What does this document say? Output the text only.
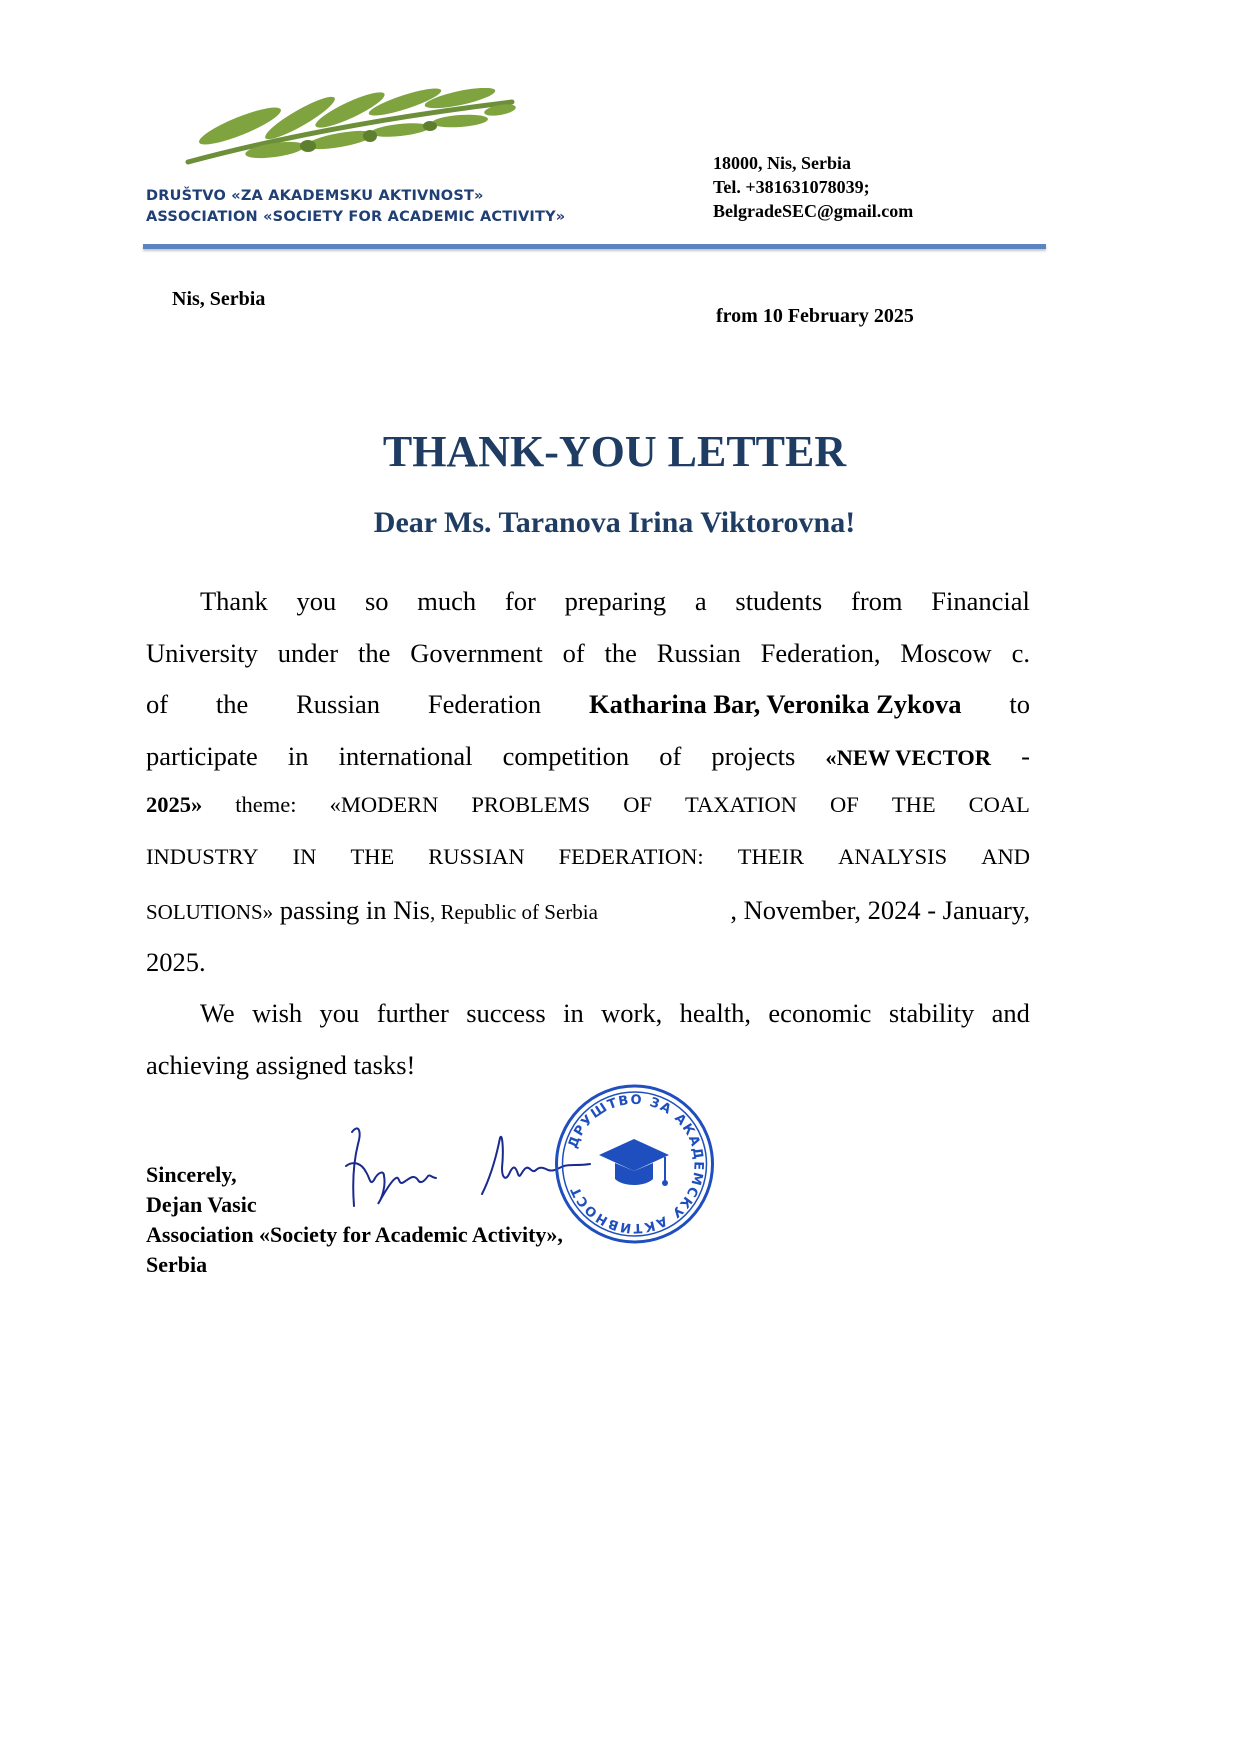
DRUŠTVO «ZA AKADEMSKU AKTIVNOST»
ASSOCIATION «SOCIETY FOR ACADEMIC ACTIVITY»
18000, Nis, Serbia
Tel. +381631078039;
BelgradeSEC@gmail.com
Nis, Serbia
from 10 February 2025
THANK-YOU LETTER
Dear Ms. Taranova Irina Viktorovna!
Thank you so much for preparing a students from Financial
University under the Government of the Russian Federation, Moscow c.
of the Russian Federation Katharina Bar, Veronika Zykova to
participate in international competition of projects «NEW VECTOR -
2025» theme: «MODERN PROBLEMS OF TAXATION OF THE COAL
INDUSTRY IN THE RUSSIAN FEDERATION: THEIR ANALYSIS AND
SOLUTIONS»
passing in Nis , Republic of Serbia	, November, 2024 - January,
2025.
We wish you further success in work, health, economic stability and
achieving assigned tasks!
Sincerely,
Dejan Vasic
Association «Society for Academic Activity»,
Serbia
ДРУШТВО ЗА АКАДЕМСКУ АКТИВНОСТ
